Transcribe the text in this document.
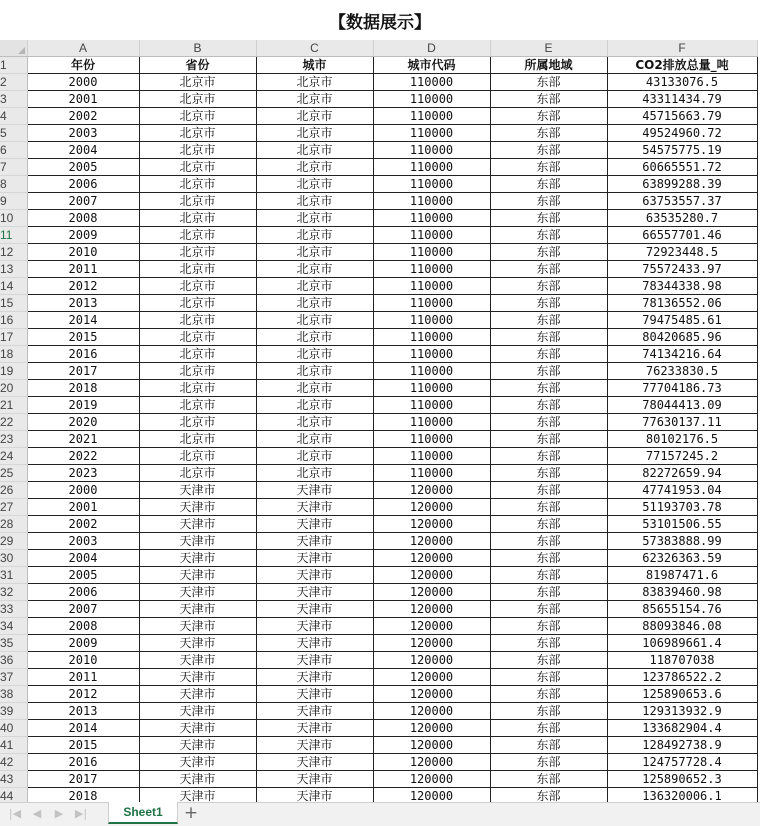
【数据展示】
	A	B	C	D	E	F
1	年份	省份	城市	城市代码	所属地域	CO2排放总量_吨
2	2000	北京市	北京市	110000	东部	43133076.5
3	2001	北京市	北京市	110000	东部	43311434.79
4	2002	北京市	北京市	110000	东部	45715663.79
5	2003	北京市	北京市	110000	东部	49524960.72
6	2004	北京市	北京市	110000	东部	54575775.19
7	2005	北京市	北京市	110000	东部	60665551.72
8	2006	北京市	北京市	110000	东部	63899288.39
9	2007	北京市	北京市	110000	东部	63753557.37
10	2008	北京市	北京市	110000	东部	63535280.7
11	2009	北京市	北京市	110000	东部	66557701.46
12	2010	北京市	北京市	110000	东部	72923448.5
13	2011	北京市	北京市	110000	东部	75572433.97
14	2012	北京市	北京市	110000	东部	78344338.98
15	2013	北京市	北京市	110000	东部	78136552.06
16	2014	北京市	北京市	110000	东部	79475485.61
17	2015	北京市	北京市	110000	东部	80420685.96
18	2016	北京市	北京市	110000	东部	74134216.64
19	2017	北京市	北京市	110000	东部	76233830.5
20	2018	北京市	北京市	110000	东部	77704186.73
21	2019	北京市	北京市	110000	东部	78044413.09
22	2020	北京市	北京市	110000	东部	77630137.11
23	2021	北京市	北京市	110000	东部	80102176.5
24	2022	北京市	北京市	110000	东部	77157245.2
25	2023	北京市	北京市	110000	东部	82272659.94
26	2000	天津市	天津市	120000	东部	47741953.04
27	2001	天津市	天津市	120000	东部	51193703.78
28	2002	天津市	天津市	120000	东部	53101506.55
29	2003	天津市	天津市	120000	东部	57383888.99
30	2004	天津市	天津市	120000	东部	62326363.59
31	2005	天津市	天津市	120000	东部	81987471.6
32	2006	天津市	天津市	120000	东部	83839460.98
33	2007	天津市	天津市	120000	东部	85655154.76
34	2008	天津市	天津市	120000	东部	88093846.08
35	2009	天津市	天津市	120000	东部	106989661.4
36	2010	天津市	天津市	120000	东部	118707038
37	2011	天津市	天津市	120000	东部	123786522.2
38	2012	天津市	天津市	120000	东部	125890653.6
39	2013	天津市	天津市	120000	东部	129313932.9
40	2014	天津市	天津市	120000	东部	133682904.4
41	2015	天津市	天津市	120000	东部	128492738.9
42	2016	天津市	天津市	120000	东部	124757728.4
43	2017	天津市	天津市	120000	东部	125890652.3
44	2018	天津市	天津市	120000	东部	136320006.1
|◀ ◀ ▶ ▶|	Sheet1	+
